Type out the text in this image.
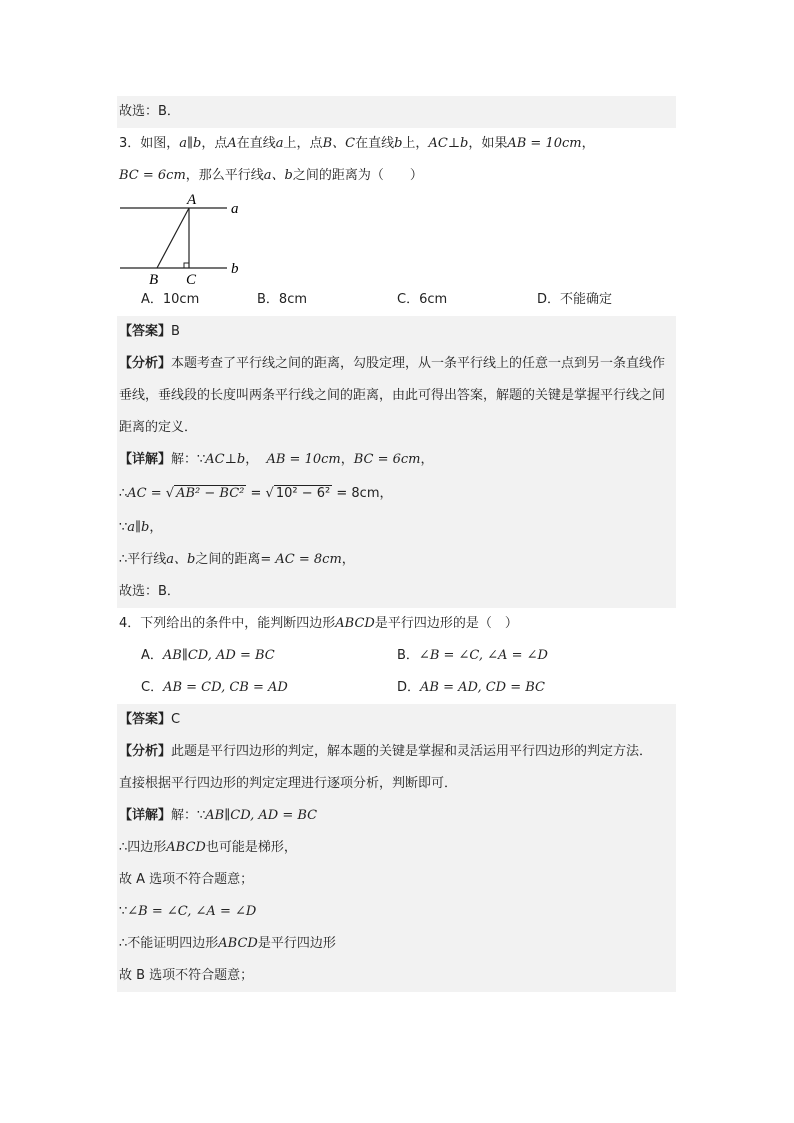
故选：B．
3．如图，a∥b，点A在直线a上，点B、C在直线b上，AC⊥b，如果AB = 10cm，
BC = 6cm，那么平行线a、b之间的距离为（　　）
A
a
B C
b
A．10cm	B．8cm	C．6cm	D．不能确定
【答案】B
【分析】本题考查了平行线之间的距离，勾股定理，从一条平行线上的任意一点到另一条直线作垂线，垂线段的长度叫两条平行线之间的距离，由此可得出答案，解题的关键是掌握平行线之间距离的定义．
【详解】解：∵AC⊥b， AB = 10cm，BC = 6cm，
∴AC = √ AB² − BC² = √ 10² − 6² = 8cm，
∵a∥b，
∴平行线a、b之间的距离= AC = 8cm，
故选：B．
4．下列给出的条件中，能判断四边形ABCD是平行四边形的是（　）
A．AB∥CD, AD = BC	B．∠B = ∠C, ∠A = ∠D
C．AB = CD, CB = AD	D．AB = AD, CD = BC
【答案】C
【分析】此题是平行四边形的判定，解本题的关键是掌握和灵活运用平行四边形的判定方法．
直接根据平行四边形的判定定理进行逐项分析，判断即可．
【详解】解：∵AB∥CD, AD = BC
∴四边形ABCD也可能是梯形，
故 A 选项不符合题意；
∵∠B = ∠C, ∠A = ∠D
∴不能证明四边形ABCD是平行四边形
故 B 选项不符合题意；
